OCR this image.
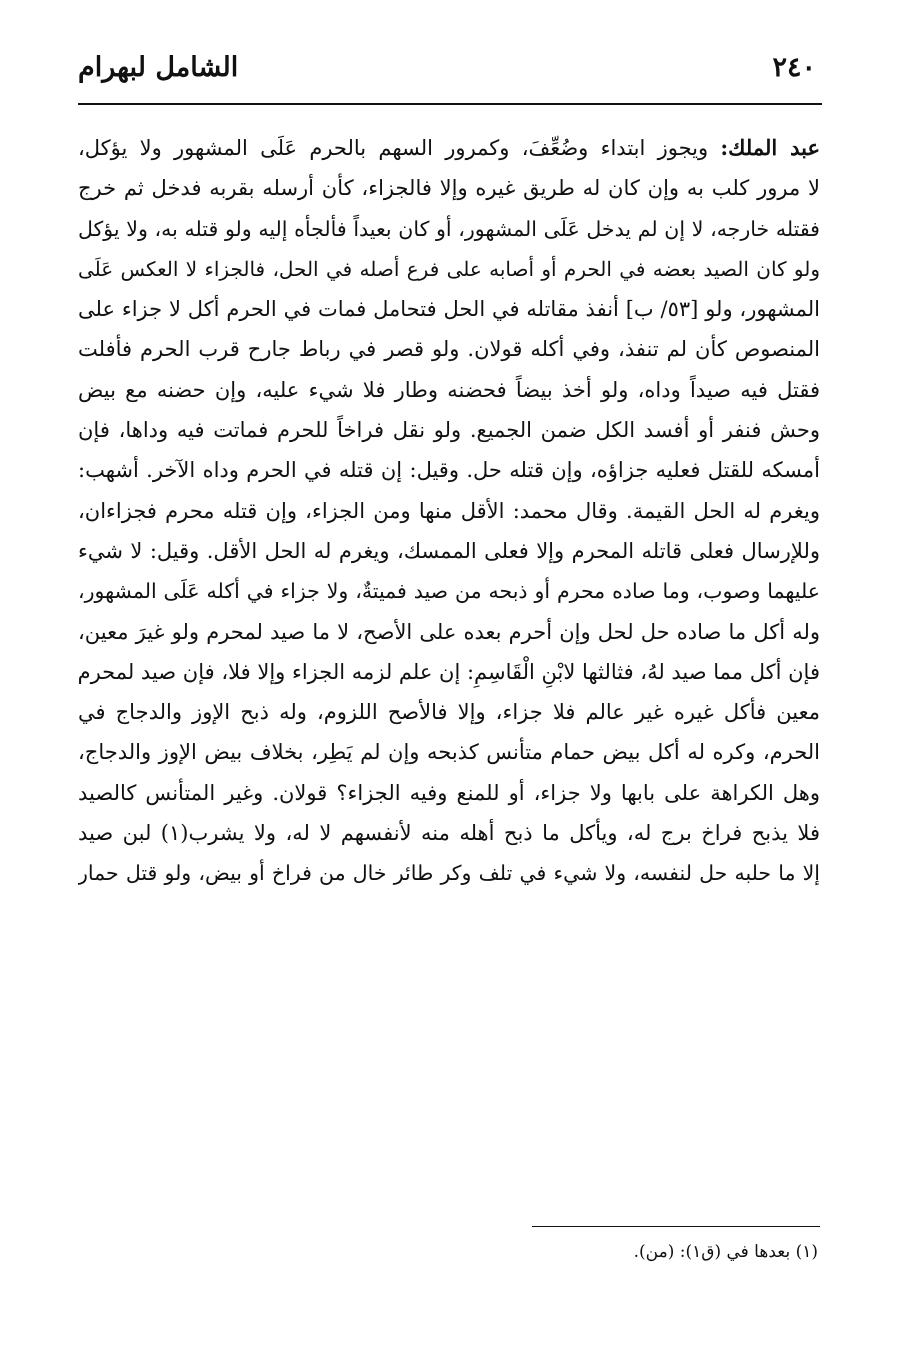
الشامل لبهرام	٢٤٠
عبد الملك: ويجوز ابتداء وضُعِّفَ، وكمرور السهم بالحرم عَلَى المشهور ولا يؤكل،
لا مرور كلب به وإن كان له طريق غيره وإلا فالجزاء، كأن أرسله بقربه فدخل ثم خرج
فقتله خارجه، لا إن لم يدخل عَلَى المشهور، أو كان بعيداً فألجأه إليه ولو قتله به، ولا يؤكل
ولو كان الصيد بعضه في الحرم أو أصابه على فرع أصله في الحل، فالجزاء لا العكس عَلَى
المشهور، ولو [٥٣/ ب] أنفذ مقاتله في الحل فتحامل فمات في الحرم أكل لا جزاء على
المنصوص كأن لم تنفذ، وفي أكله قولان. ولو قصر في رباط جارح قرب الحرم فأفلت
فقتل فيه صيداً وداه، ولو أخذ بيضاً فحضنه وطار فلا شيء عليه، وإن حضنه مع بيض
وحش فنفر أو أفسد الكل ضمن الجميع. ولو نقل فراخاً للحرم فماتت فيه وداها، فإن
أمسكه للقتل فعليه جزاؤه، وإن قتله حل. وقيل: إن قتله في الحرم وداه الآخر. أشهب:
ويغرم له الحل القيمة. وقال محمد: الأقل منها ومن الجزاء، وإن قتله محرم فجزاءان،
وللإرسال فعلى قاتله المحرم وإلا فعلى الممسك، ويغرم له الحل الأقل. وقيل: لا شيء
عليهما وصوب، وما صاده محرم أو ذبحه من صيد فميتةٌ، ولا جزاء في أكله عَلَى المشهور،
وله أكل ما صاده حل لحل وإن أحرم بعده على الأصح، لا ما صيد لمحرم ولو غيرَ معين،
فإن أكل مما صيد لهُ، فثالثها لابْنِ الْقَاسِمِ: إن علم لزمه الجزاء وإلا فلا، فإن صيد لمحرم
معين فأكل غيره غير عالم فلا جزاء، وإلا فالأصح اللزوم، وله ذبح الإوز والدجاج في
الحرم، وكره له أكل بيض حمام متأنس كذبحه وإن لم يَطِر، بخلاف بيض الإوز والدجاج،
وهل الكراهة على بابها ولا جزاء، أو للمنع وفيه الجزاء؟ قولان. وغير المتأنس كالصيد
فلا يذبح فراخ برج له، ويأكل ما ذبح أهله منه لأنفسهم لا له، ولا يشرب(١) لبن صيد
إلا ما حلبه حل لنفسه، ولا شيء في تلف وكر طائر خال من فراخ أو بيض، ولو قتل حمار
(١) بعدها في (ق١): (من).
